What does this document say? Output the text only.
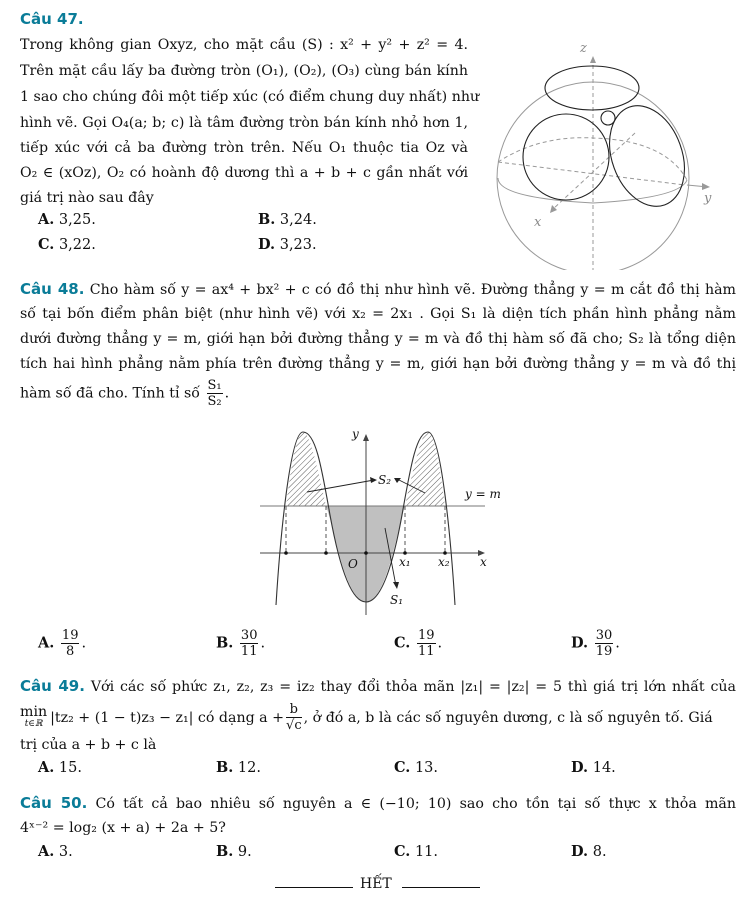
Câu 47.
Trong không gian Oxyz, cho mặt cầu (S) : x² + y² + z² = 4.
Trên mặt cầu lấy ba đường tròn (O₁), (O₂), (O₃) cùng bán kính
1 sao cho chúng đôi một tiếp xúc (có điểm chung duy nhất) như
hình vẽ. Gọi O₄(a; b; c) là tâm đường tròn bán kính nhỏ hơn 1,
tiếp xúc với cả ba đường tròn trên. Nếu O₁ thuộc tia Oz và
O₂ ∈ (xOz), O₂ có hoành độ dương thì a + b + c gần nhất với
giá trị nào sau đây
A. 3,25.	B. 3,24.
C. 3,22.	D. 3,23.
z
y
x
Câu 48. Cho hàm số y = ax⁴ + bx² + c có đồ thị như hình vẽ. Đường thẳng y = m cắt đồ thị hàm
số tại bốn điểm phân biệt (như hình vẽ) với x₂ = 2x₁ . Gọi S₁ là diện tích phần hình phẳng nằm
dưới đường thẳng y = m, giới hạn bởi đường thẳng y = m và đồ thị hàm số đã cho; S₂ là tổng diện
tích hai hình phẳng nằm phía trên đường thẳng y = m, giới hạn bởi đường thẳng y = m và đồ thị
hàm số đã cho. Tính tỉ số $\frac{\text{S₁}}{\text{S₂}}$ .
y
x
O	x₁ x₂
y = m
S₂
S₁
A. $\frac{19}{8}$ .	B. $\frac{30}{11}$ .	C. $\frac{19}{11}$ .	D. $\frac{30}{19}$ .
Câu 49. Với các số phức z₁, z₂, z₃ = iz₂ thay đổi thỏa mãn |z₁| = |z₂| = 5 thì giá trị lớn nhất của
min
t∈ℝ |tz₂ + (1 − t)z₃ − z₁| có dạng $a + \frac{b}{√c}$ , ở đó a, b là các số nguyên dương, c là số nguyên tố. Giá
trị của a + b + c là
A. 15.	B. 12.	C. 13.	D. 14.
Câu 50. Có tất cả bao nhiêu số nguyên a ∈ (−10; 10) sao cho tồn tại số thực x thỏa mãn
4ˣ⁻² = log₂ (x + a) + 2a + 5?
A. 3.	B. 9.	C. 11.	D. 8.
HẾT
